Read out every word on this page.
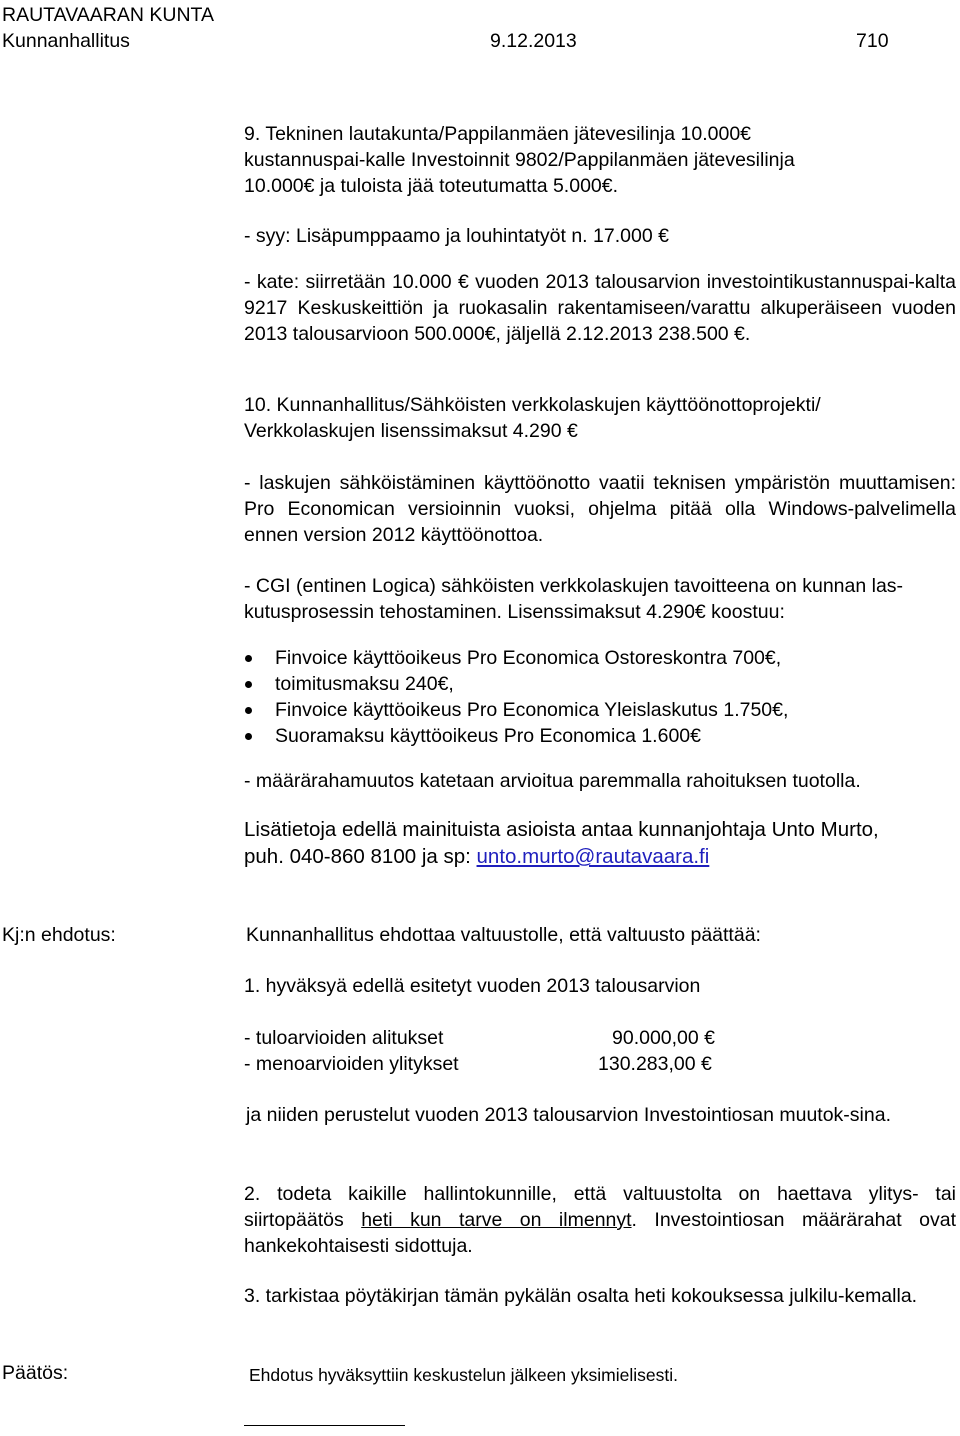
RAUTAVAARAN KUNTA
Kunnanhallitus	9.12.2013	710

9. Tekninen lautakunta/Pappilanmäen jätevesilinja 10.000€ kustannuspai-kalle Investoinnit 9802/Pappilanmäen jätevesilinja 10.000€ ja tuloista jää toteutumatta 5.000€.

- syy: Lisäpumppaamo ja louhintatyöt n. 17.000 €

- kate: siirretään 10.000 € vuoden 2013 talousarvion investointikustannuspai-kalta 9217 Keskuskeittiön ja ruokasalin rakentamiseen/varattu alkuperäiseen vuoden 2013 talousarvioon 500.000€, jäljellä 2.12.2013 238.500 €.

10. Kunnanhallitus/Sähköisten verkkolaskujen käyttöönottoprojekti/ Verkkolaskujen lisenssimaksut 4.290 €

- laskujen sähköistäminen käyttöönotto vaatii teknisen ympäristön muuttamisen: Pro Economican versioinnin vuoksi, ohjelma pitää olla Windows-palvelimella ennen version 2012 käyttöönottoa.

- CGI (entinen Logica) sähköisten verkkolaskujen tavoitteena on kunnan las-kutusprosessin tehostaminen. Lisenssimaksut 4.290€ koostuu:

Finvoice käyttöoikeus Pro Economica Ostoreskontra 700€,
toimitusmaksu 240€,
Finvoice käyttöoikeus Pro Economica Yleislaskutus 1.750€,
Suoramaksu käyttöoikeus Pro Economica 1.600€

- määrärahamuutos katetaan arvioitua paremmalla rahoituksen tuotolla.

Lisätietoja edellä mainituista asioista antaa kunnanjohtaja Unto Murto,

puh. 040-860 8100 ja sp: unto.murto@rautavaara.fi

Kj:n ehdotus:	Kunnanhallitus ehdottaa valtuustolle, että valtuusto päättää:

1. hyväksyä edellä esitetyt vuoden 2013 talousarvion

- tuloarvioiden alitukset	90.000,00 €
- menoarvioiden ylitykset	130.283,00 €

ja niiden perustelut vuoden 2013 talousarvion Investointiosan muutok-sina.

2. todeta kaikille hallintokunnille, että valtuustolta on haettava ylitys- tai siirtopäätös heti kun tarve on ilmennyt. Investointiosan määrärahat ovat hankekohtaisesti sidottuja.

3. tarkistaa pöytäkirjan tämän pykälän osalta heti kokouksessa julkilu-kemalla.

Päätös:	Ehdotus hyväksyttiin keskustelun jälkeen yksimielisesti.
